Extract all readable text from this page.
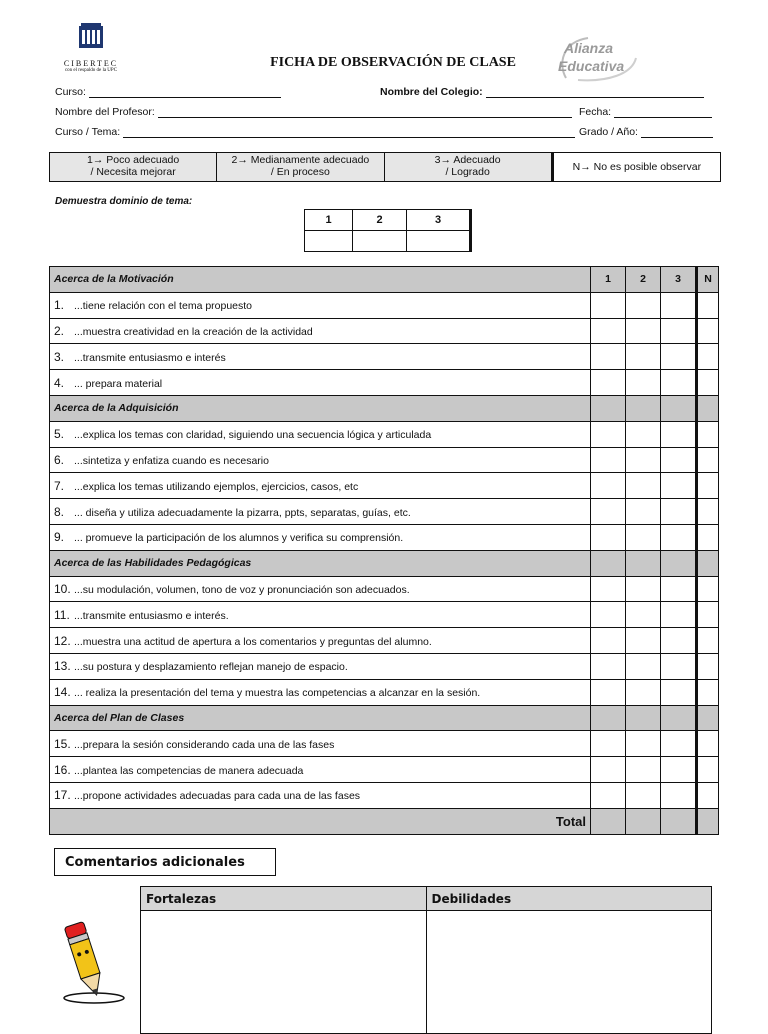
CIBERTEC
con el respaldo de la UPC
FICHA DE OBSERVACIÓN DE CLASE
Alianza
Educativa
Curso:	Nombre del Colegio:
Nombre del Profesor:	Fecha:
Curso / Tema:	Grado / Año:
1→ Poco adecuado
/ Necesita mejorar
2→ Medianamente adecuado
/ En proceso
3→ Adecuado
/ Logrado	N→ No es posible observar
Demuestra dominio de tema:
1	2	3

Acerca de la Motivación	1	2	3	N
1. ...tiene relación con el tema propuesto				
2. ...muestra creatividad en la creación de la actividad				
3. ...transmite entusiasmo e interés				
4. ... prepara material				
Acerca de la Adquisición				
5. ...explica los temas con claridad, siguiendo una secuencia lógica y articulada				
6. ...sintetiza y enfatiza cuando es necesario				
7. ...explica los temas utilizando ejemplos, ejercicios, casos, etc				
8. ... diseña y utiliza adecuadamente la pizarra, ppts, separatas, guías, etc.				
9. ... promueve la participación de los alumnos y verifica su comprensión.				
Acerca de las Habilidades Pedagógicas				
10. ...su modulación, volumen, tono de voz y pronunciación son adecuados.				
11. ...transmite entusiasmo e interés.				
12. ...muestra una actitud de apertura a los comentarios y preguntas del alumno.				
13. ...su postura y desplazamiento reflejan manejo de espacio.				
14. ... realiza la presentación del tema y muestra las competencias a alcanzar en la sesión.				
Acerca del Plan de Clases				
15. ...prepara la sesión considerando cada una de las fases				
16. ...plantea las competencias de manera adecuada				
17. ...propone actividades adecuadas para cada una de las fases				
Total				
Comentarios adicionales
Fortalezas	Debilidades
